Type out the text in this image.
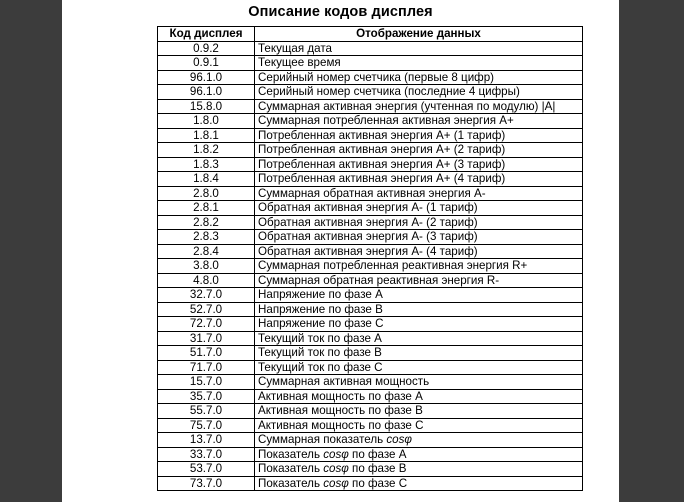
Описание кодов дисплея
Код дисплея	Отображение данных
0.9.2	Текущая дата
0.9.1	Текущее время
96.1.0	Серийный номер счетчика (первые 8 цифр)
96.1.0	Серийный номер счетчика (последние 4 цифры)
15.8.0	Суммарная активная энергия (учтенная по модулю) |A|
1.8.0	Суммарная потребленная активная энергия А+
1.8.1	Потребленная активная энергия А+ (1 тариф)
1.8.2	Потребленная активная энергия А+ (2 тариф)
1.8.3	Потребленная активная энергия А+ (3 тариф)
1.8.4	Потребленная активная энергия А+ (4 тариф)
2.8.0	Суммарная обратная активная энергия А-
2.8.1	Обратная активная энергия А- (1 тариф)
2.8.2	Обратная активная энергия А- (2 тариф)
2.8.3	Обратная активная энергия А- (3 тариф)
2.8.4	Обратная активная энергия А- (4 тариф)
3.8.0	Суммарная потребленная реактивная энергия R+
4.8.0	Суммарная обратная реактивная энергия R-
32.7.0	Напряжение по фазе А
52.7.0	Напряжение по фазе В
72.7.0	Напряжение по фазе С
31.7.0	Текущий ток по фазе А
51.7.0	Текущий ток по фазе В
71.7.0	Текущий ток по фазе С
15.7.0	Суммарная активная мощность
35.7.0	Активная мощность по фазе А
55.7.0	Активная мощность по фазе В
75.7.0	Активная мощность по фазе С
13.7.0	Суммарная показатель cosφ
33.7.0	Показатель cosφ по фазе А
53.7.0	Показатель cosφ по фазе В
73.7.0	Показатель cosφ по фазе С
